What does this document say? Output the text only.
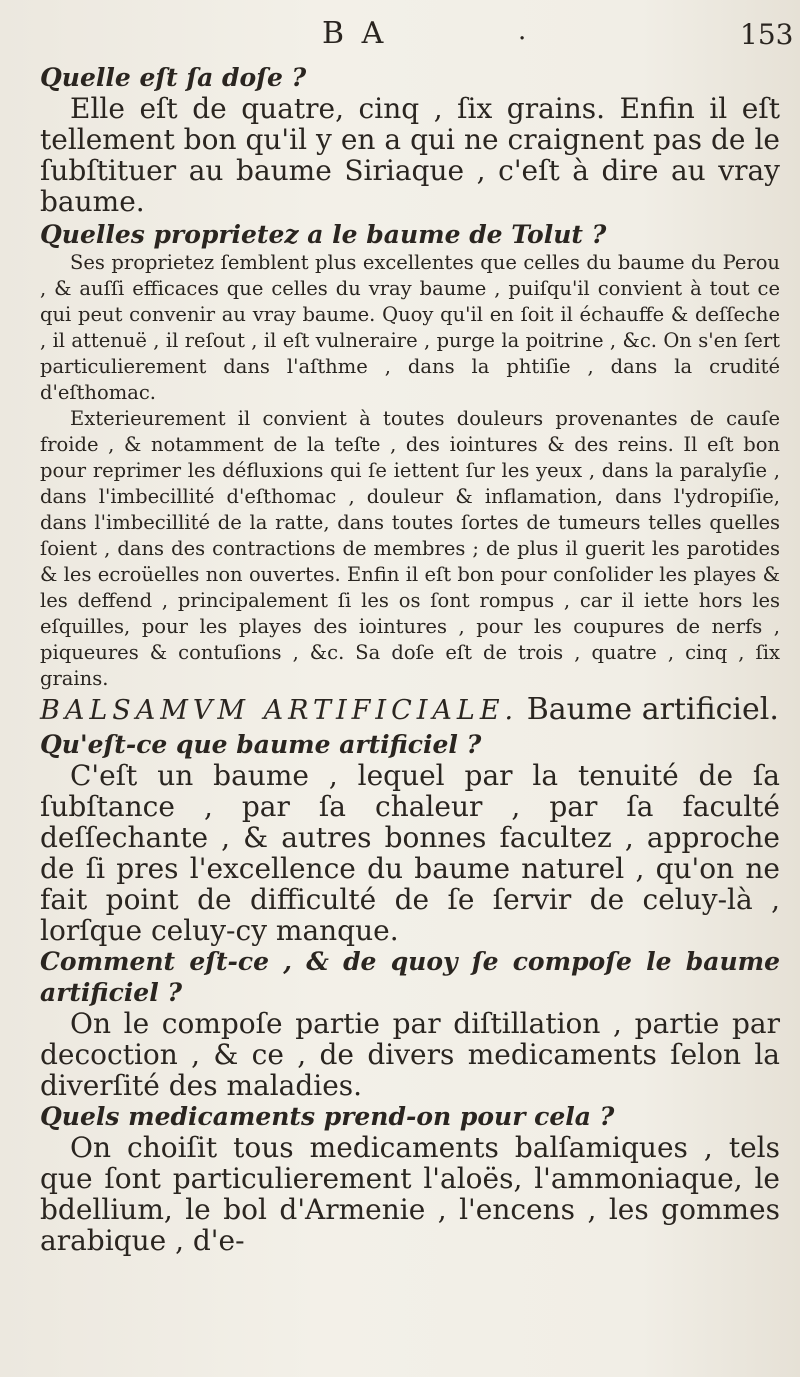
B A	·	153

Quelle eſt ſa doſe ?

Elle eſt de quatre, cinq , ſix grains. Enfin il eſt tellement bon qu'il y en a qui ne craignent pas de le ſubſtituer au baume Siriaque , c'eſt à dire au vray baume.

Quelles proprietez a le baume de Tolut ?

Ses proprietez ſemblent plus excellentes que celles du baume du Perou , & auſſi efficaces que celles du vray baume , puiſqu'il convient à tout ce qui peut convenir au vray baume. Quoy qu'il en ſoit il échauffe & deſſeche , il attenuë , il reſout , il eſt vulneraire , purge la poitrine , &c. On s'en ſert particulierement dans l'aſthme , dans la phtiſie , dans la crudité d'eſthomac.

Exterieurement il convient à toutes douleurs provenantes de cauſe froide , & notamment de la teſte , des iointures & des reins. Il eſt bon pour reprimer les défluxions qui ſe iettent ſur les yeux , dans la paralyſie , dans l'imbecillité d'eſthomac , douleur & inflamation, dans l'ydropiſie, dans l'imbecillité de la ratte, dans toutes ſortes de tumeurs telles quelles ſoient , dans des contractions de membres ; de plus il guerit les parotides & les ecroüelles non ouvertes. Enfin il eſt bon pour conſolider les playes & les deffend , principalement ſi les os ſont rompus , car il iette hors les eſquilles, pour les playes des iointures , pour les coupures de nerfs , piqueures & contuſions , &c. Sa doſe eſt de trois , quatre , cinq , ſix grains.

BALSAMVM ARTIFICIALE. Baume artificiel.

Qu'eſt-ce que baume artificiel ?

C'eſt un baume , lequel par la tenuité de ſa ſubſtance , par ſa chaleur , par ſa faculté deſſechante , & autres bonnes facultez , approche de ſi pres l'excellence du baume naturel , qu'on ne fait point de difficulté de ſe ſervir de celuy-là , lorſque celuy-cy manque.

Comment eſt-ce , & de quoy ſe compoſe le baume artificiel ?

On le compoſe partie par diſtillation , partie par decoction , & ce , de divers medicaments ſelon la diverſité des maladies.

Quels medicaments prend-on pour cela ?

On choiſit tous medicaments balſamiques , tels que ſont particulierement l'aloës, l'ammoniaque, le bdellium, le bol d'Armenie , l'encens , les gommes arabique , d'e-
